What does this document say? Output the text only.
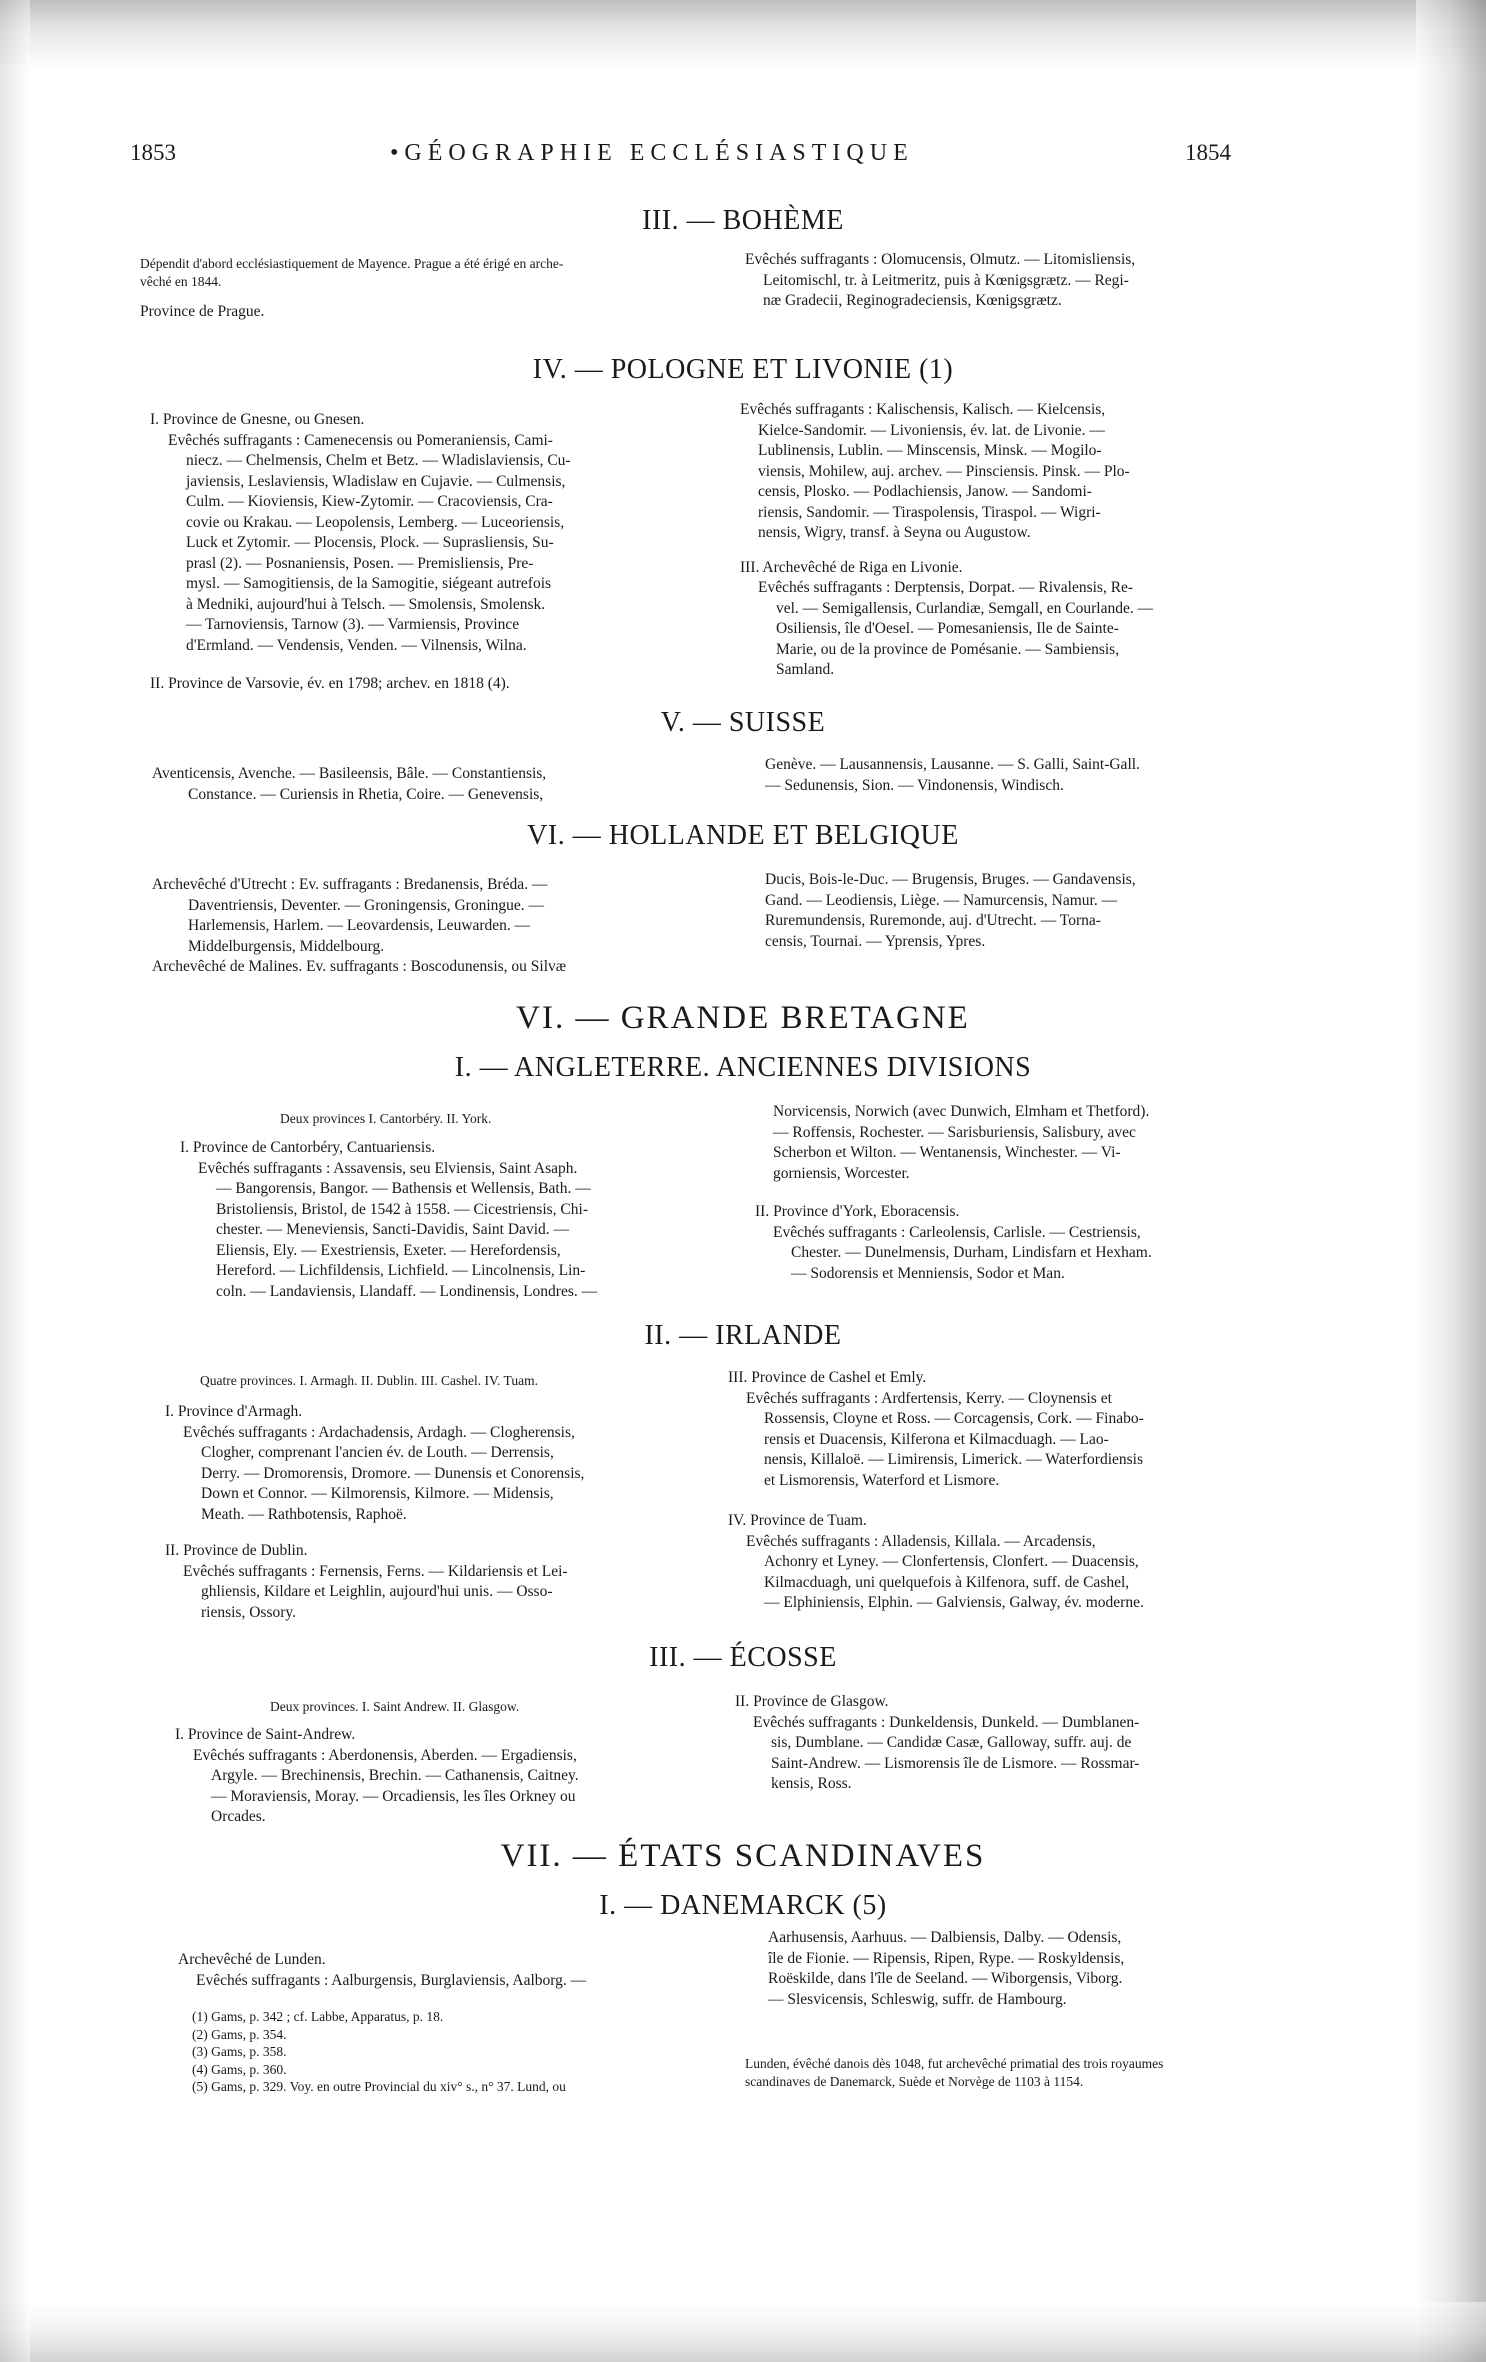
1853	•GÉOGRAPHIE ECCLÉSIASTIQUE	1854
III. — BOHÈME
Dépendit d'abord ecclésiastiquement de Mayence. Prague a été érigé en arche-
vêché en 1844.
Province de Prague.
Evêchés suffragants : Olomucensis, Olmutz. — Litomisliensis,
Leitomischl, tr. à Leitmeritz, puis à Kœnigsgrætz. — Regi-
næ Gradecii, Reginogradeciensis, Kœnigsgrætz.
IV. — POLOGNE ET LIVONIE (1)
I. Province de Gnesne, ou Gnesen.
Evêchés suffragants : Camenecensis ou Pomeraniensis, Cami-
niecz. — Chelmensis, Chelm et Betz. — Wladislaviensis, Cu-
javiensis, Leslaviensis, Wladislaw en Cujavie. — Culmensis,
Culm. — Kioviensis, Kiew-Zytomir. — Cracoviensis, Cra-
covie ou Krakau. — Leopolensis, Lemberg. — Luceoriensis,
Luck et Zytomir. — Plocensis, Plock. — Suprasliensis, Su-
prasl (2). — Posnaniensis, Posen. — Premisliensis, Pre-
mysl. — Samogitiensis, de la Samogitie, siégeant autrefois
à Medniki, aujourd'hui à Telsch. — Smolensis, Smolensk.
— Tarnoviensis, Tarnow (3). — Varmiensis, Province
d'Ermland. — Vendensis, Venden. — Vilnensis, Wilna.
II. Province de Varsovie, év. en 1798; archev. en 1818 (4).
Evêchés suffragants : Kalischensis, Kalisch. — Kielcensis,
Kielce-Sandomir. — Livoniensis, év. lat. de Livonie. —
Lublinensis, Lublin. — Minscensis, Minsk. — Mogilo-
viensis, Mohilew, auj. archev. — Pinsciensis. Pinsk. — Plo-
censis, Plosko. — Podlachiensis, Janow. — Sandomi-
riensis, Sandomir. — Tiraspolensis, Tiraspol. — Wigri-
nensis, Wigry, transf. à Seyna ou Augustow.
III. Archevêché de Riga en Livonie.
Evêchés suffragants : Derptensis, Dorpat. — Rivalensis, Re-
vel. — Semigallensis, Curlandiæ, Semgall, en Courlande. —
Osiliensis, île d'Oesel. — Pomesaniensis, Ile de Sainte-
Marie, ou de la province de Pomésanie. — Sambiensis,
Samland.
V. — SUISSE
Aventicensis, Avenche. — Basileensis, Bâle. — Constantiensis,
Constance. — Curiensis in Rhetia, Coire. — Genevensis,
Genève. — Lausannensis, Lausanne. — S. Galli, Saint-Gall.
— Sedunensis, Sion. — Vindonensis, Windisch.
VI. — HOLLANDE ET BELGIQUE
Archevêché d'Utrecht : Ev. suffragants : Bredanensis, Bréda. —
Daventriensis, Deventer. — Groningensis, Groningue. —
Harlemensis, Harlem. — Leovardensis, Leuwarden. —
Middelburgensis, Middelbourg.
Archevêché de Malines. Ev. suffragants : Boscodunensis, ou Silvæ
Ducis, Bois-le-Duc. — Brugensis, Bruges. — Gandavensis,
Gand. — Leodiensis, Liège. — Namurcensis, Namur. —
Ruremundensis, Ruremonde, auj. d'Utrecht. — Tornа-
censis, Tournai. — Yprensis, Ypres.
VI. — GRANDE BRETAGNE
I. — ANGLETERRE. ANCIENNES DIVISIONS
Deux provinces I. Cantorbéry. II. York.
I. Province de Cantorbéry, Cantuariensis.
Evêchés suffragants : Assavensis, seu Elviensis, Saint Asaph.
— Bangorensis, Bangor. — Bathensis et Wellensis, Bath. —
Bristoliensis, Bristol, de 1542 à 1558. — Cicestriensis, Chi-
chester. — Meneviensis, Sancti-Davidis, Saint David. —
Eliensis, Ely. — Exestriensis, Exeter. — Herefordensis,
Hereford. — Lichfildensis, Lichfield. — Lincolnensis, Lin-
coln. — Landaviensis, Llandaff. — Londinensis, Londres. —
Norvicensis, Norwich (avec Dunwich, Elmham et Thetford).
— Roffensis, Rochester. — Sarisburiensis, Salisbury, avec
Scherbon et Wilton. — Wentanensis, Winchester. — Vi-
gorniensis, Worcester.
II. Province d'York, Eboracensis.
Evêchés suffragants : Carleolensis, Carlisle. — Cestriensis,
Chester. — Dunelmensis, Durham, Lindisfarn et Hexham.
— Sodorensis et Menniensis, Sodor et Man.
II. — IRLANDE
Quatre provinces. I. Armagh. II. Dublin. III. Cashel. IV. Tuam.
I. Province d'Armagh.
Evêchés suffragants : Ardachadensis, Ardagh. — Clogherensis,
Clogher, comprenant l'ancien év. de Louth. — Derrensis,
Derry. — Dromorensis, Dromore. — Dunensis et Conorensis,
Down et Connor. — Kilmorensis, Kilmore. — Midensis,
Meath. — Rathbotensis, Raphoë.
II. Province de Dublin.
Evêchés suffragants : Fernensis, Ferns. — Kildariensis et Lei-
ghliensis, Kildare et Leighlin, aujourd'hui unis. — Osso-
riensis, Ossory.
III. Province de Cashel et Emly.
Evêchés suffragants : Ardfertensis, Kerry. — Cloynensis et
Rossensis, Cloyne et Ross. — Corcagensis, Cork. — Finabo-
rensis et Duacensis, Kilferona et Kilmacduagh. — Lao-
nensis, Killaloë. — Limirensis, Limerick. — Waterfordiensis
et Lismorensis, Waterford et Lismore.
IV. Province de Tuam.
Evêchés suffragants : Alladensis, Killala. — Arcadensis,
Achonry et Lyney. — Clonfertensis, Clonfert. — Duacensis,
Kilmacduagh, uni quelquefois à Kilfenora, suff. de Cashel,
— Elphiniensis, Elphin. — Galviensis, Galway, év. moderne.
III. — ÉCOSSE
Deux provinces. I. Saint Andrew. II. Glasgow.
I. Province de Saint-Andrew.
Evêchés suffragants : Aberdonensis, Aberden. — Ergadiensis,
Argyle. — Brechinensis, Brechin. — Cathanensis, Caitney.
— Moraviensis, Moray. — Orcadiensis, les îles Orkney ou
Orcades.
II. Province de Glasgow.
Evêchés suffragants : Dunkeldensis, Dunkeld. — Dumblanen-
sis, Dumblane. — Candidæ Casæ, Galloway, suffr. auj. de
Saint-Andrew. — Lismorensis île de Lismore. — Rossmar-
kensis, Ross.
VII. — ÉTATS SCANDINAVES
I. — DANEMARCK (5)
Archevêché de Lunden.
Evêchés suffragants : Aalburgensis, Burglaviensis, Aalborg. —
Aarhusensis, Aarhuus. — Dalbiensis, Dalby. — Odensis,
île de Fionie. — Ripensis, Ripen, Rype. — Roskyldensis,
Roëskilde, dans l'île de Seeland. — Wiborgensis, Viborg.
— Slesvicensis, Schleswig, suffr. de Hambourg.
(1) Gams, p. 342 ; cf. Labbe, Apparatus, p. 18.
(2) Gams, p. 354.
(3) Gams, p. 358.
(4) Gams, p. 360.
(5) Gams, p. 329. Voy. en outre Provincial du xiv° s., n° 37. Lund, ou
Lunden, évêché danois dès 1048, fut archevêché primatial des trois royaumes
scandinaves de Danemarck, Suède et Norvège de 1103 à 1154.
